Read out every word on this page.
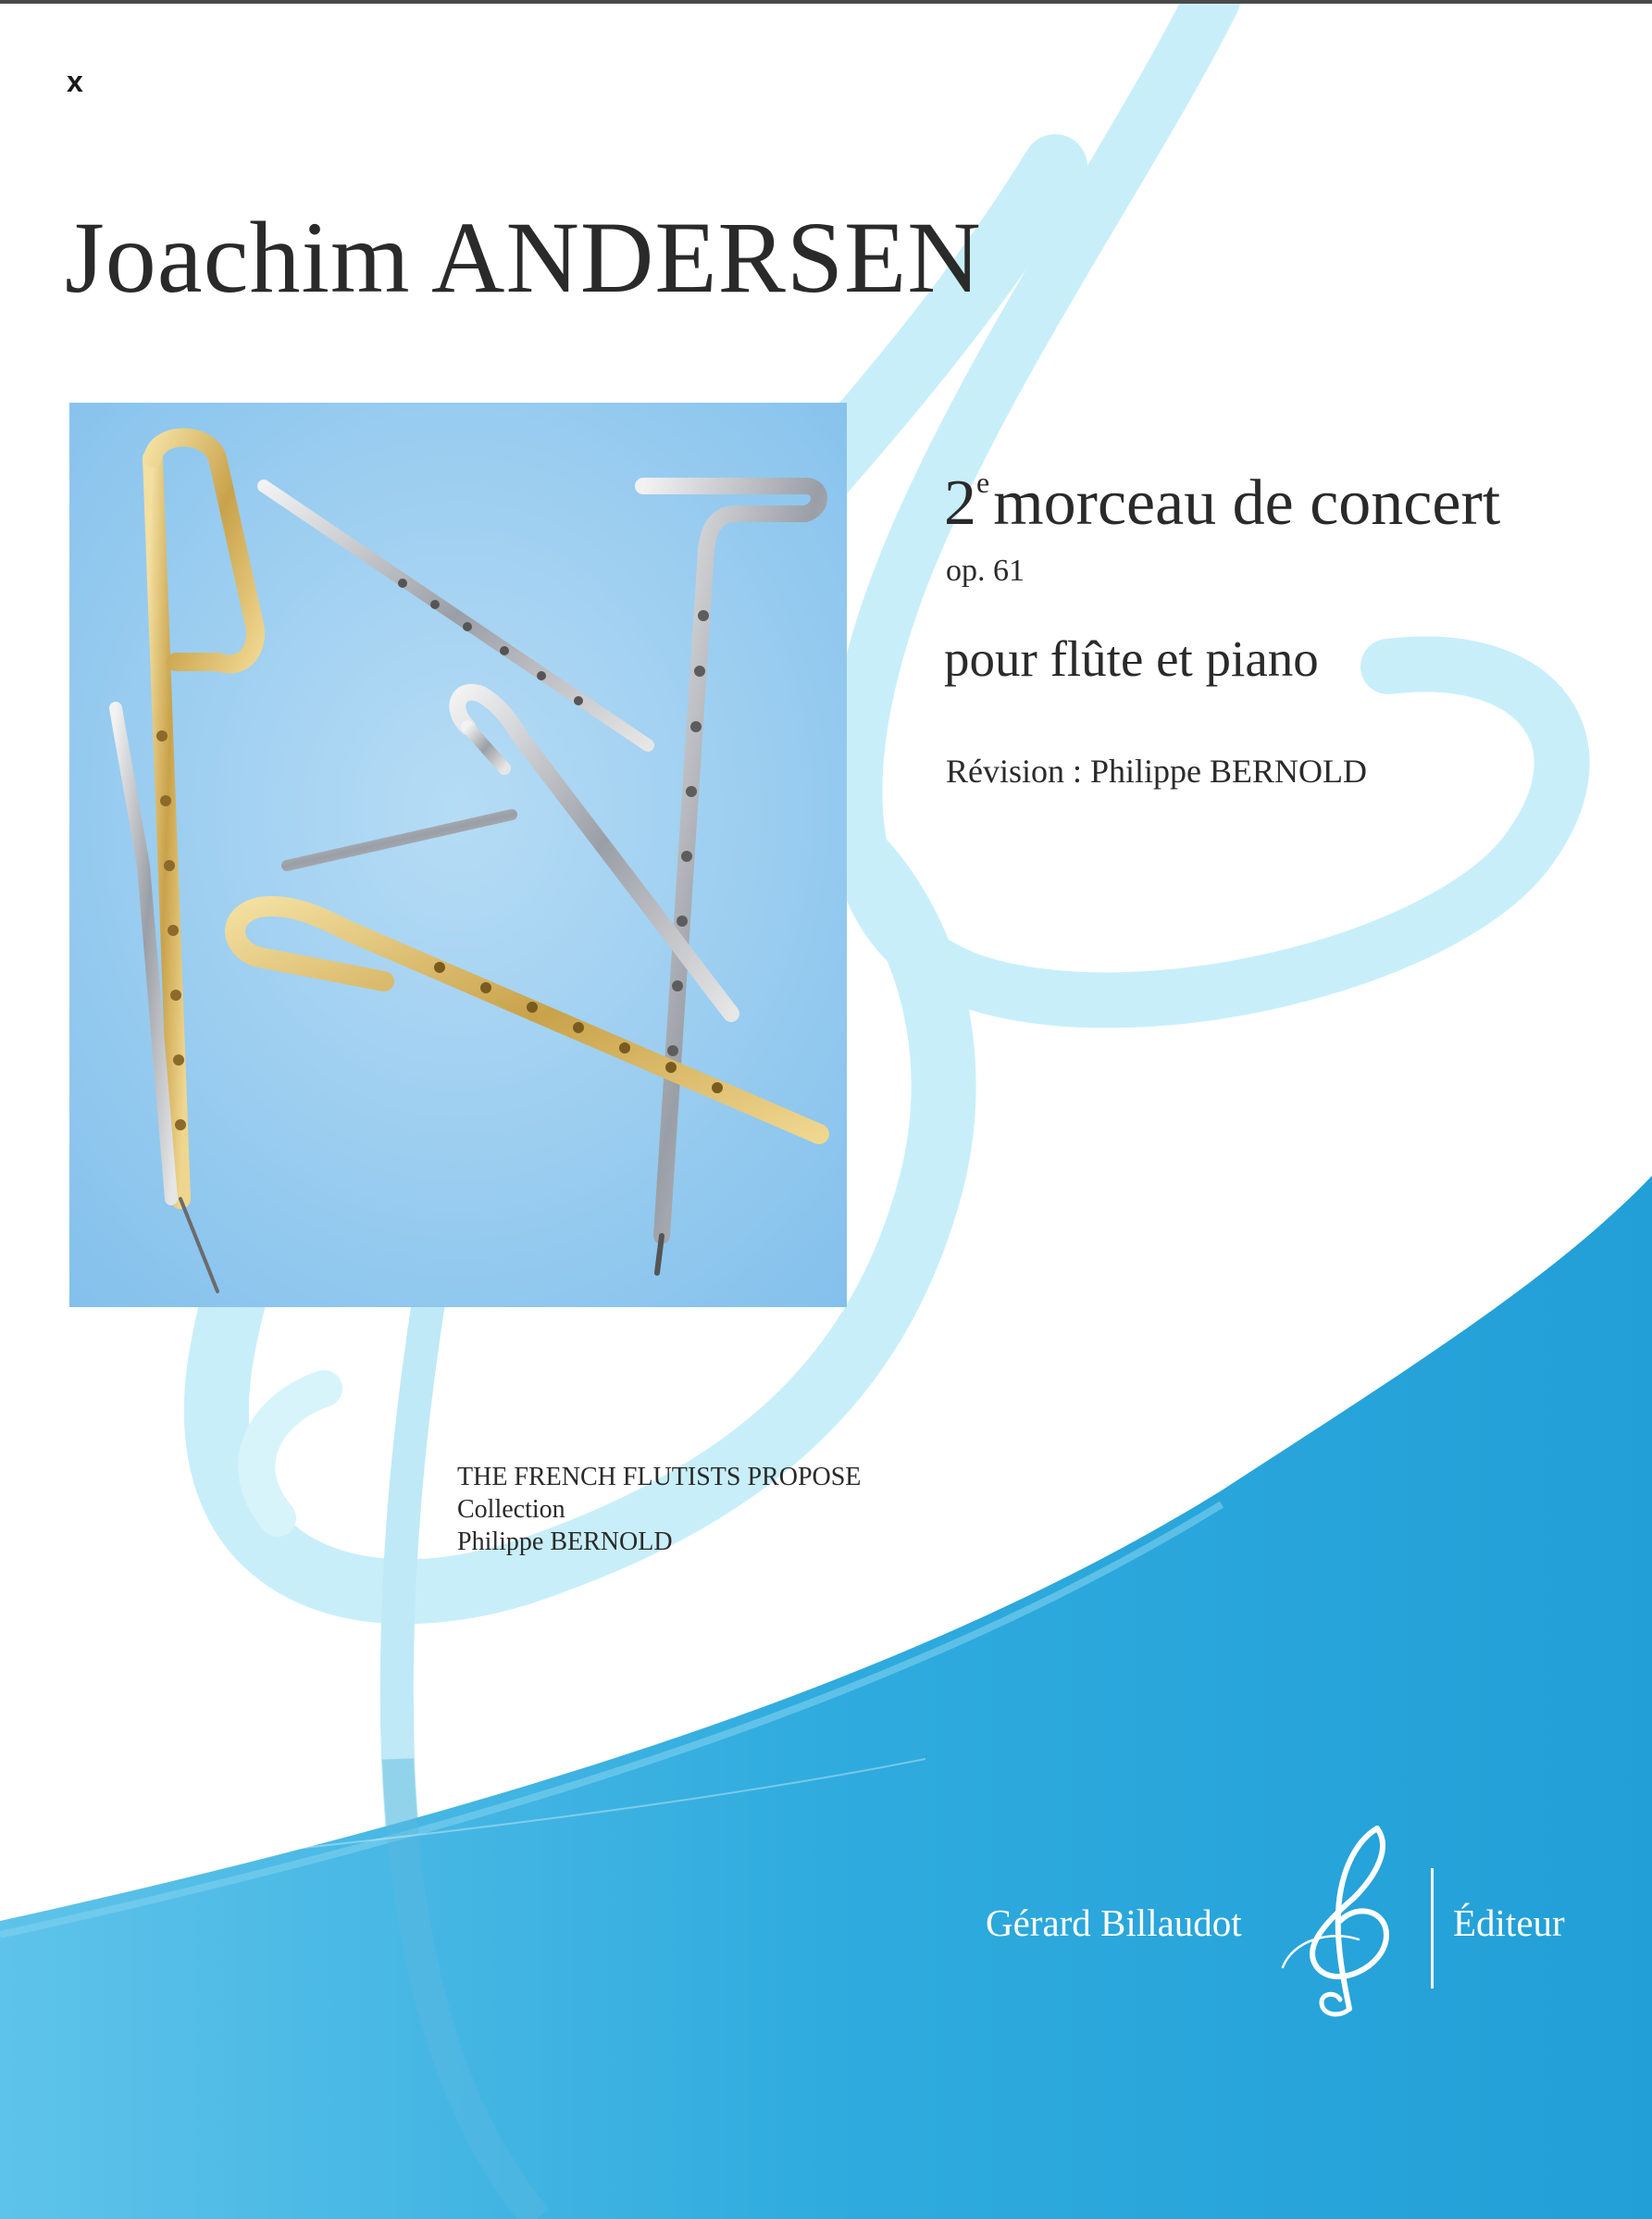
x
Joachim ANDERSEN
2emorceau de concert
op. 61
pour flûte et piano
Révision : Philippe BERNOLD
THE FRENCH FLUTISTS PROPOSE
Collection
Philippe BERNOLD
Gérard Billaudot	Éditeur
